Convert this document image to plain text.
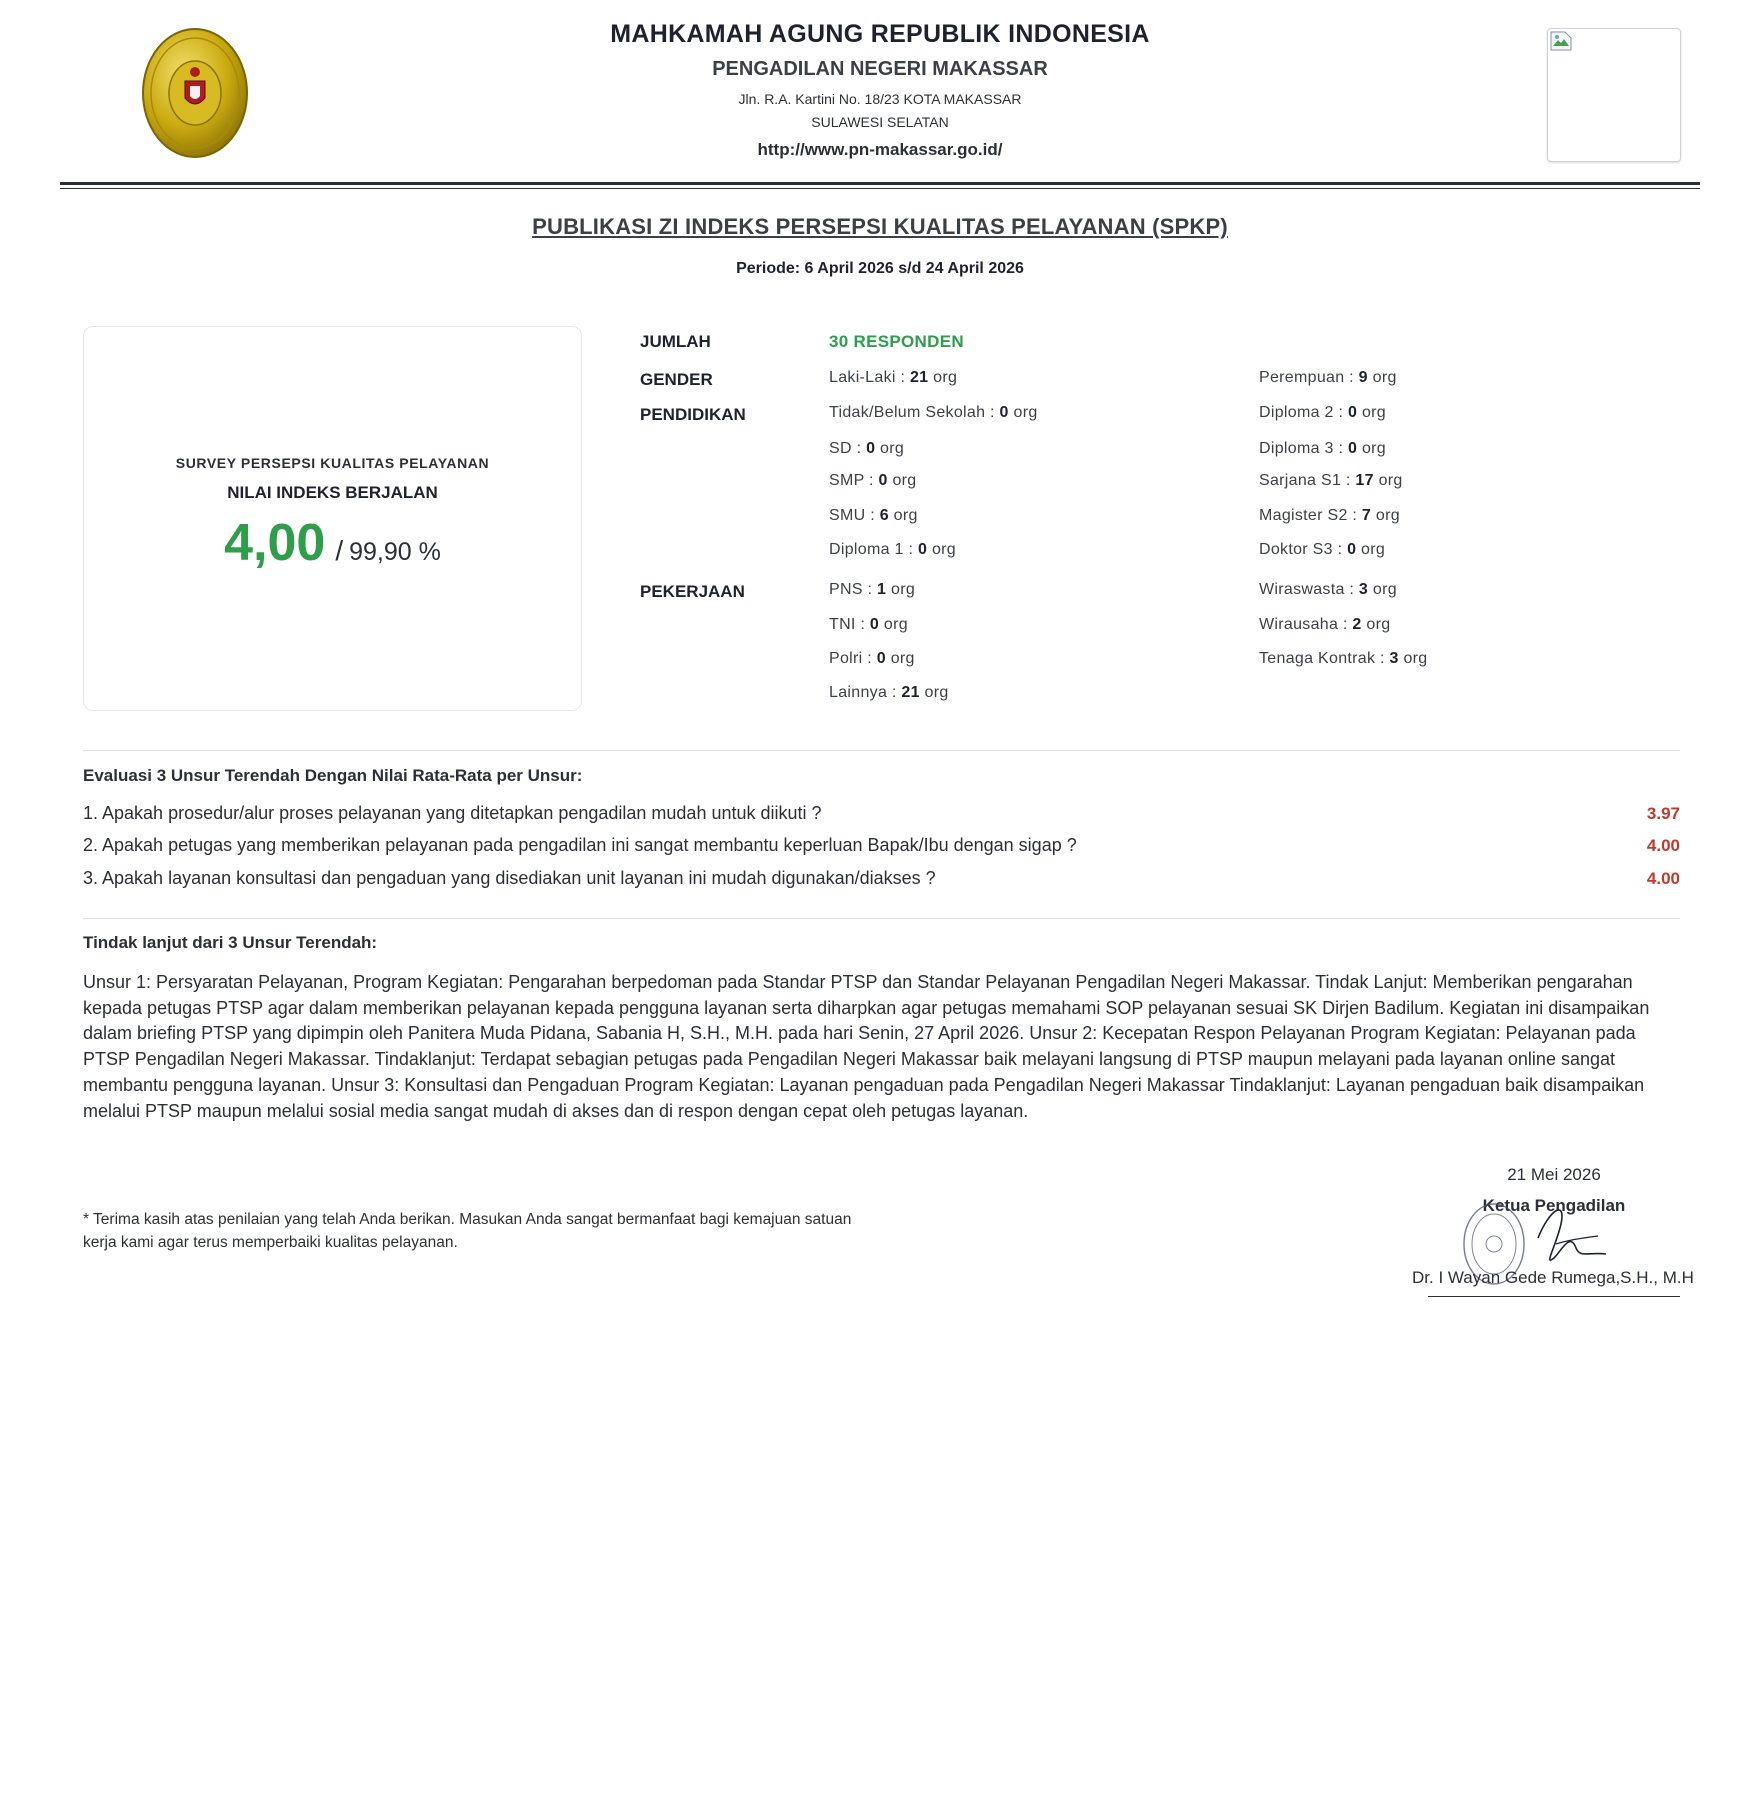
MAHKAMAH AGUNG REPUBLIK INDONESIA
PENGADILAN NEGERI MAKASSAR
Jln. R.A. Kartini No. 18/23 KOTA MAKASSAR
SULAWESI SELATAN
http://www.pn-makassar.go.id/
PUBLIKASI ZI INDEKS PERSEPSI KUALITAS PELAYANAN (SPKP)
Periode: 6 April 2026 s/d 24 April 2026
SURVEY PERSEPSI KUALITAS PELAYANAN
NILAI INDEKS BERJALAN
4,00 / 99,90 %
JUMLAH	30 RESPONDEN
GENDER	Laki-Laki : 21 org	Perempuan : 9 org
PENDIDIKAN	Tidak/Belum Sekolah : 0 org	Diploma 2 : 0 org
SD : 0 org	Diploma 3 : 0 org
SMP : 0 org	Sarjana S1 : 17 org
SMU : 6 org	Magister S2 : 7 org
Diploma 1 : 0 org	Doktor S3 : 0 org
PEKERJAAN	PNS : 1 org	Wiraswasta : 3 org
TNI : 0 org	Wirausaha : 2 org
Polri : 0 org	Tenaga Kontrak : 3 org
Lainnya : 21 org
Evaluasi 3 Unsur Terendah Dengan Nilai Rata-Rata per Unsur:
1. Apakah prosedur/alur proses pelayanan yang ditetapkan pengadilan mudah untuk diikuti ?	3.97
2. Apakah petugas yang memberikan pelayanan pada pengadilan ini sangat membantu keperluan Bapak/Ibu dengan sigap ?	4.00
3. Apakah layanan konsultasi dan pengaduan yang disediakan unit layanan ini mudah digunakan/diakses ?	4.00
Tindak lanjut dari 3 Unsur Terendah:
Unsur 1: Persyaratan Pelayanan, Program Kegiatan: Pengarahan berpedoman pada Standar PTSP dan Standar Pelayanan Pengadilan Negeri Makassar. Tindak Lanjut: Memberikan pengarahan kepada petugas PTSP agar dalam memberikan pelayanan kepada pengguna layanan serta diharpkan agar petugas memahami SOP pelayanan sesuai SK Dirjen Badilum. Kegiatan ini disampaikan dalam briefing PTSP yang dipimpin oleh Panitera Muda Pidana, Sabania H, S.H., M.H. pada hari Senin, 27 April 2026. Unsur 2: Kecepatan Respon Pelayanan Program Kegiatan: Pelayanan pada PTSP Pengadilan Negeri Makassar. Tindaklanjut: Terdapat sebagian petugas pada Pengadilan Negeri Makassar baik melayani langsung di PTSP maupun melayani pada layanan online sangat membantu pengguna layanan. Unsur 3: Konsultasi dan Pengaduan Program Kegiatan: Layanan pengaduan pada Pengadilan Negeri Makassar Tindaklanjut: Layanan pengaduan baik disampaikan melalui PTSP maupun melalui sosial media sangat mudah di akses dan di respon dengan cepat oleh petugas layanan.
* Terima kasih atas penilaian yang telah Anda berikan. Masukan Anda sangat bermanfaat bagi kemajuan satuan kerja kami agar terus memperbaiki kualitas pelayanan.
21 Mei 2026
Ketua Pengadilan
Dr. I Wayan Gede Rumega,S.H., M.H
